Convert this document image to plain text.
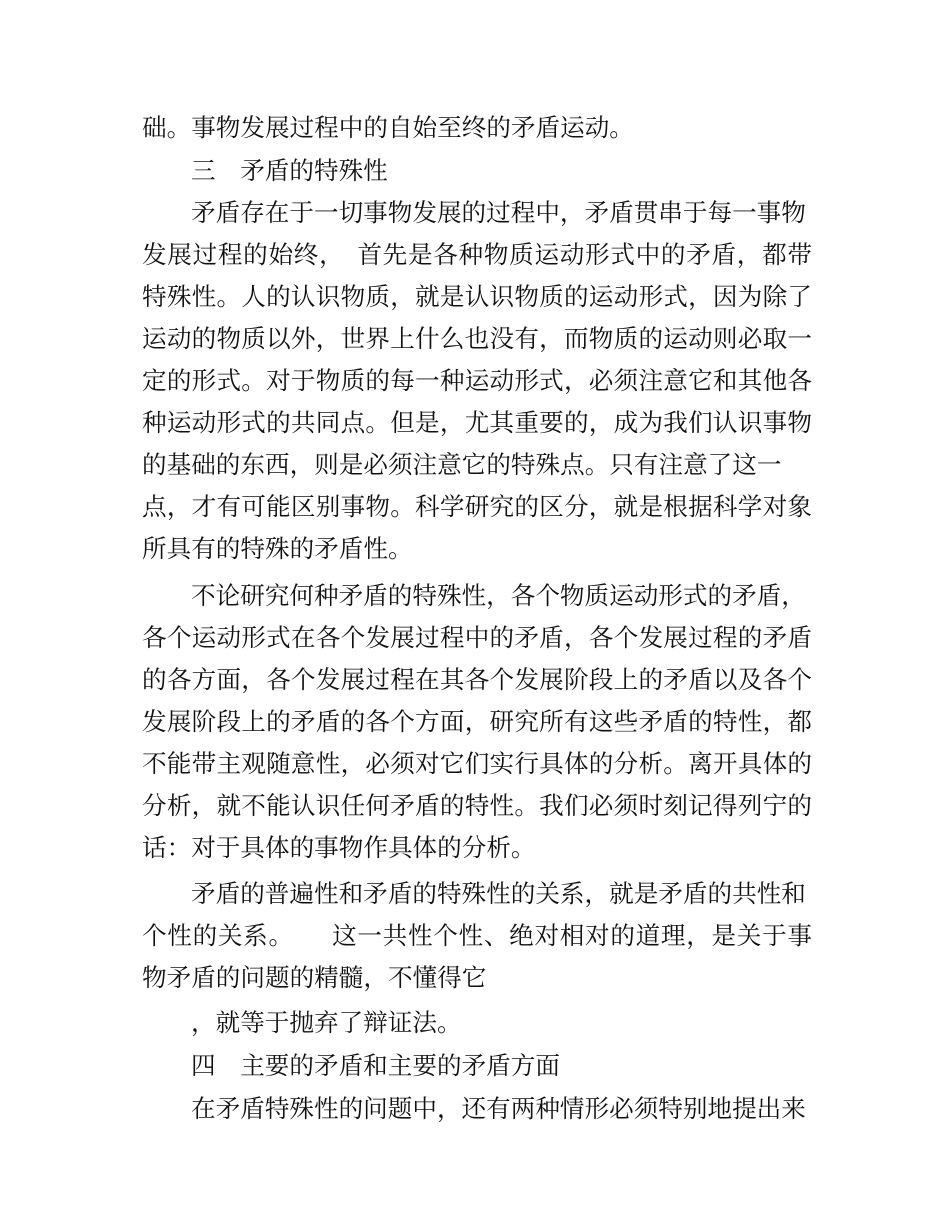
础。事物发展过程中的自始至终的矛盾运动。
三　矛盾的特殊性
矛盾存在于一切事物发展的过程中，矛盾贯串于每一事物
发展过程的始终，　首先是各种物质运动形式中的矛盾，都带
特殊性。人的认识物质，就是认识物质的运动形式，因为除了
运动的物质以外，世界上什么也没有，而物质的运动则必取一
定的形式。对于物质的每一种运动形式，必须注意它和其他各
种运动形式的共同点。但是，尤其重要的，成为我们认识事物
的基础的东西，则是必须注意它的特殊点。只有注意了这一
点，才有可能区别事物。科学研究的区分，就是根据科学对象
所具有的特殊的矛盾性。
不论研究何种矛盾的特殊性，各个物质运动形式的矛盾，
各个运动形式在各个发展过程中的矛盾，各个发展过程的矛盾
的各方面，各个发展过程在其各个发展阶段上的矛盾以及各个
发展阶段上的矛盾的各个方面，研究所有这些矛盾的特性，都
不能带主观随意性，必须对它们实行具体的分析。离开具体的
分析，就不能认识任何矛盾的特性。我们必须时刻记得列宁的
话：对于具体的事物作具体的分析。
矛盾的普遍性和矛盾的特殊性的关系，就是矛盾的共性和
个性的关系。　　这一共性个性、绝对相对的道理，是关于事
物矛盾的问题的精髓，不懂得它
，就等于抛弃了辩证法。
四　主要的矛盾和主要的矛盾方面
在矛盾特殊性的问题中，还有两种情形必须特别地提出来
